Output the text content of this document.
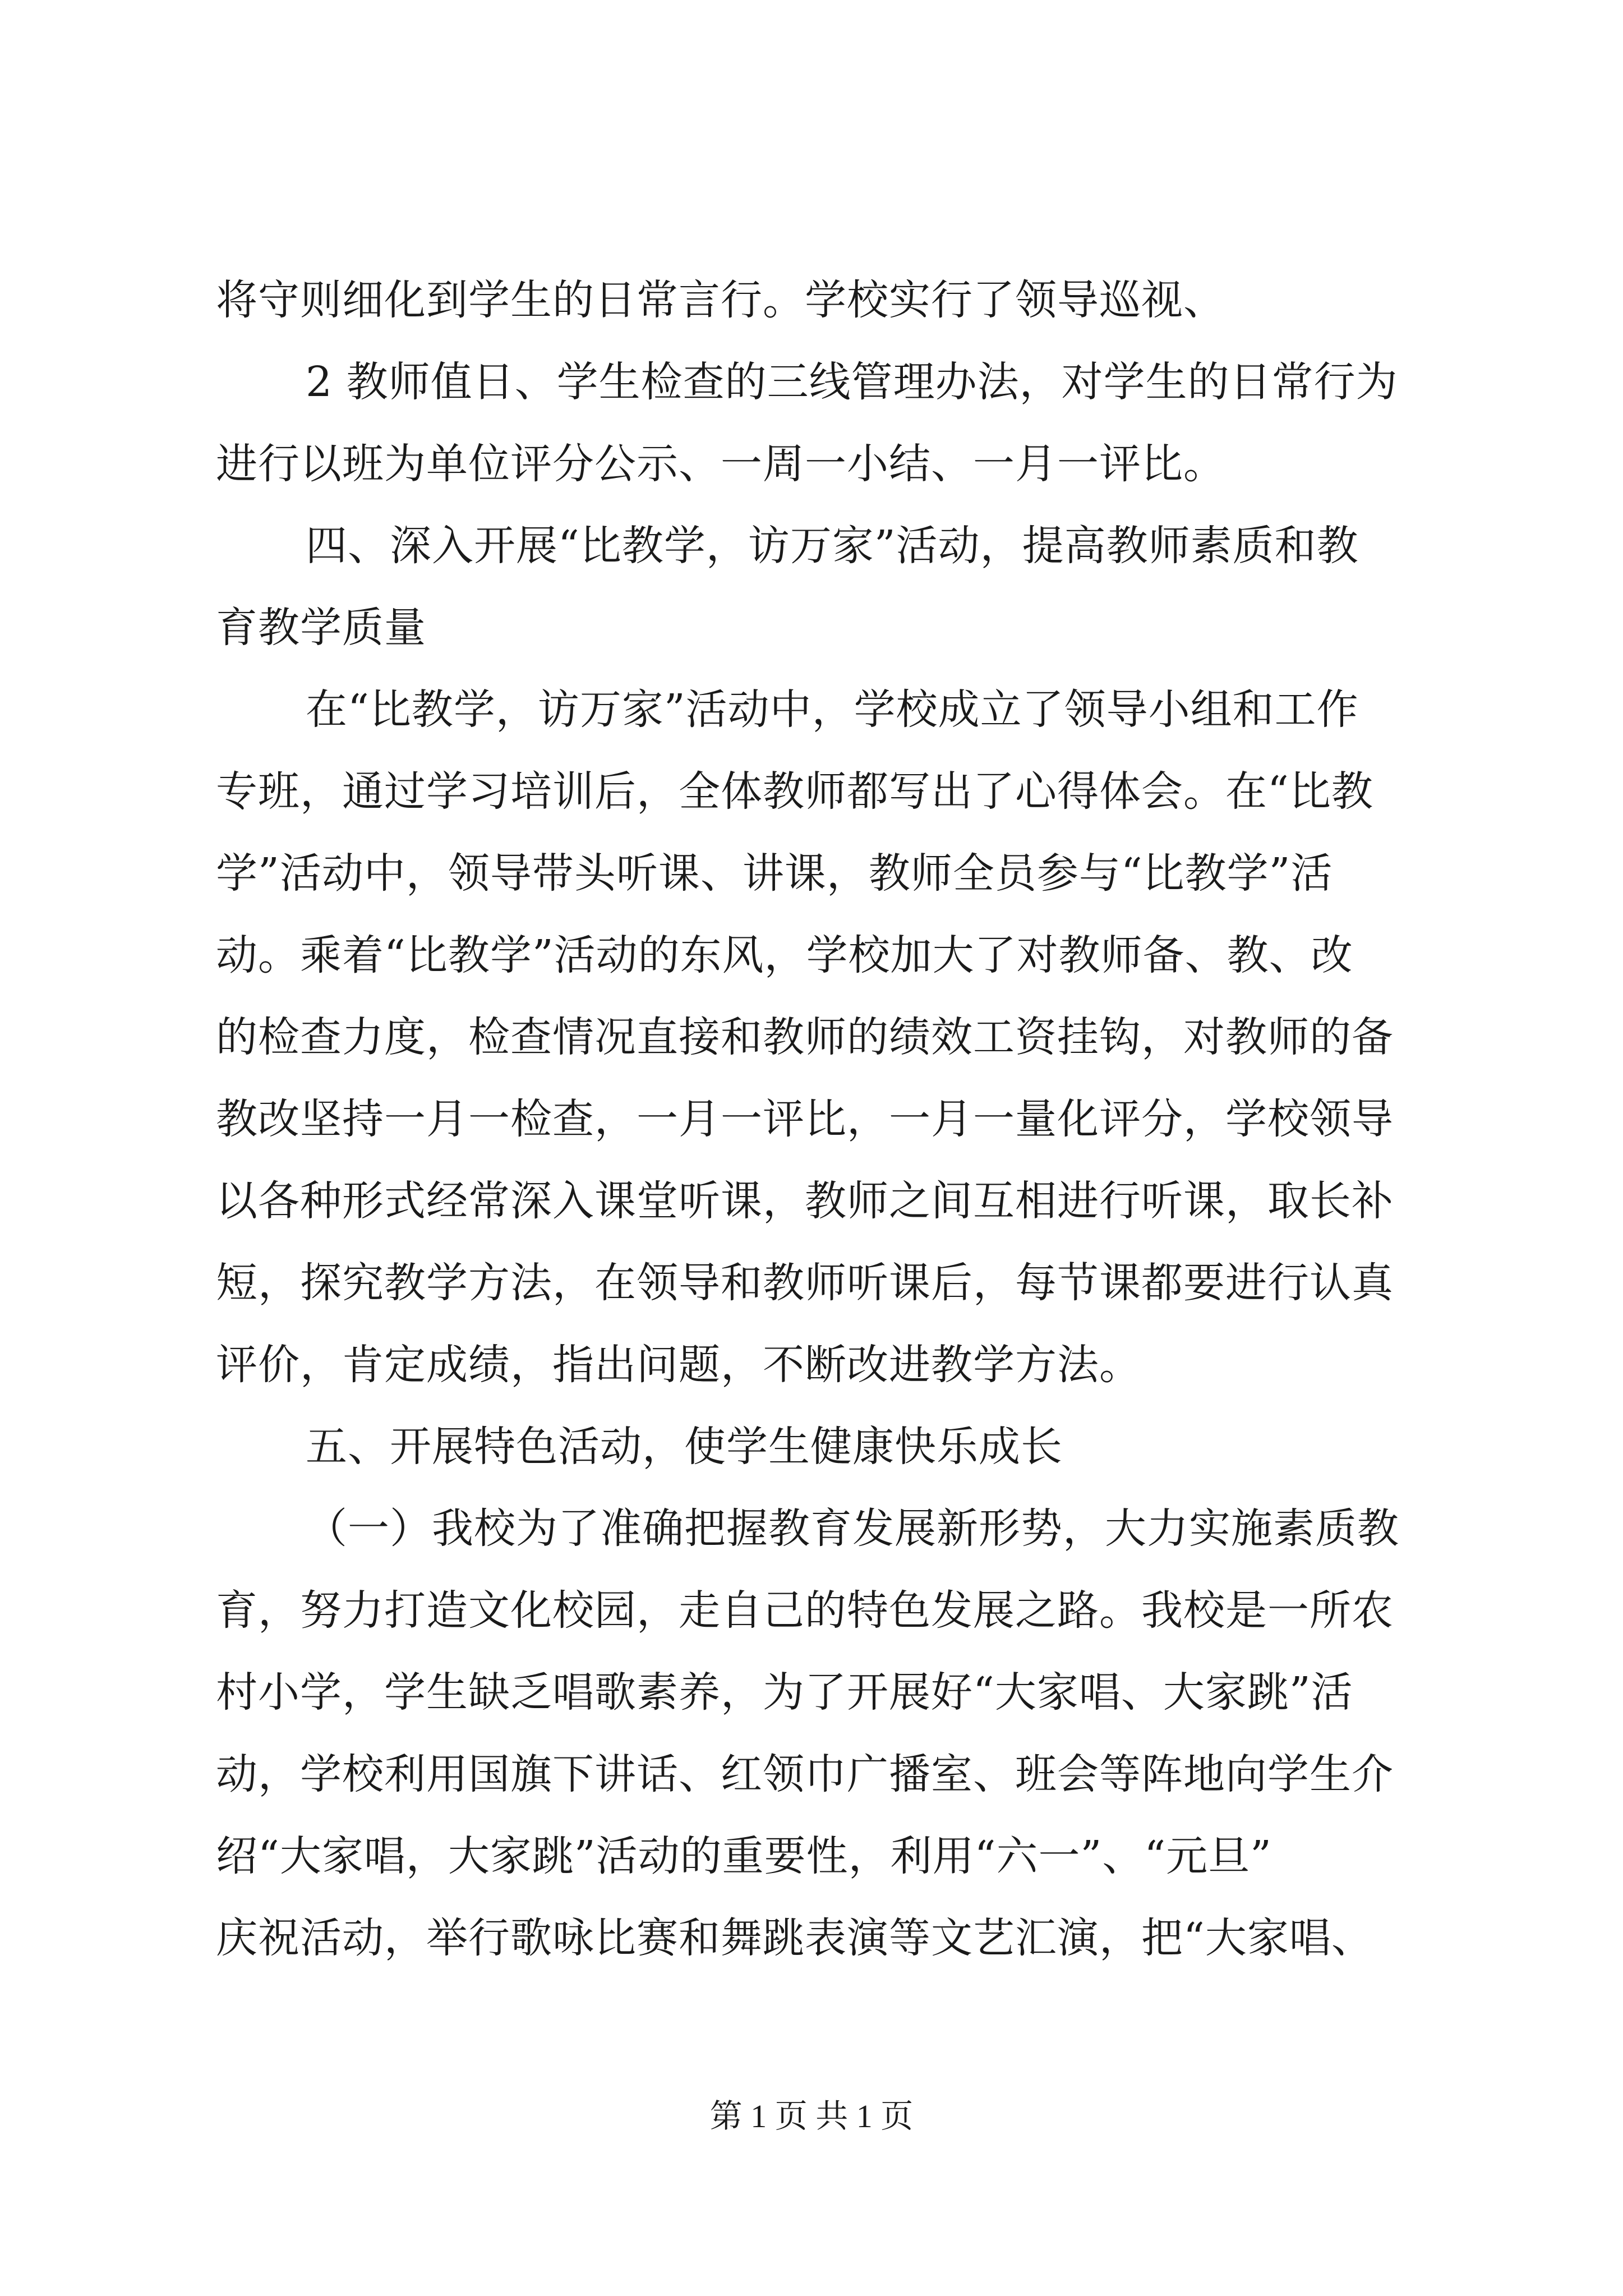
将守则细化到学生的日常言行。学校实行了领导巡视、
2 教师值日、学生检查的三线管理办法，对学生的日常行为
进行以班为单位评分公示、一周一小结、一月一评比。
四、深入开展“比教学，访万家”活动，提高教师素质和教
育教学质量
在“比教学，访万家”活动中，学校成立了领导小组和工作
专班，通过学习培训后，全体教师都写出了心得体会。在“比教
学”活动中，领导带头听课、讲课，教师全员参与“比教学”活
动。乘着“比教学”活动的东风，学校加大了对教师备、教、改
的检查力度，检查情况直接和教师的绩效工资挂钩，对教师的备
教改坚持一月一检查，一月一评比，一月一量化评分，学校领导
以各种形式经常深入课堂听课，教师之间互相进行听课，取长补
短，探究教学方法，在领导和教师听课后，每节课都要进行认真
评价，肯定成绩，指出问题，不断改进教学方法。
五、开展特色活动，使学生健康快乐成长
（一）我校为了准确把握教育发展新形势，大力实施素质教
育，努力打造文化校园，走自己的特色发展之路。我校是一所农
村小学，学生缺乏唱歌素养，为了开展好“大家唱、大家跳”活
动，学校利用国旗下讲话、红领巾广播室、班会等阵地向学生介
绍“大家唱，大家跳”活动的重要性，利用“六一”、“元旦”
庆祝活动，举行歌咏比赛和舞跳表演等文艺汇演，把“大家唱、
第 1 页 共 1 页
